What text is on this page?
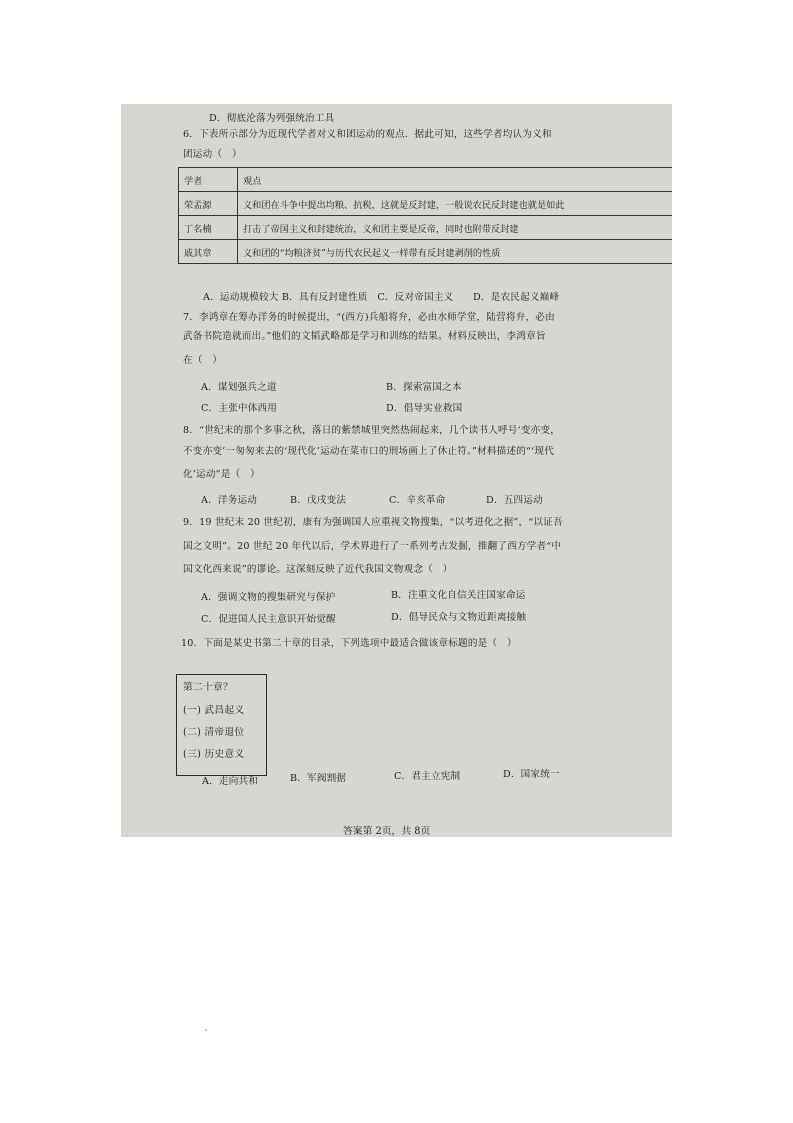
D．彻底沦落为列强统治工具
6．下表所示部分为近现代学者对义和团运动的观点．据此可知，这些学者均认为义和
团运动（　）
学者	观点
荣孟源	义和团在斗争中提出均粮、抗税，这就是反封建，一般说农民反封建也就是如此
丁名楠	打击了帝国主义和封建统治，义和团主要是反帝，同时也附带反封建
戚其章	义和团的“均粮济贫”与历代农民起义一样带有反封建剥削的性质
A．运动规模较大 B．具有反封建性质　C．反对帝国主义　　D．是农民起义巅峰
7．李鸿章在筹办洋务的时候提出，“(西方)兵船将弁，必由水师学堂，陆营将弁，必由
武备书院造就而出。”他们的文韬武略都是学习和训练的结果。材料反映出，李鸿章旨
在（　）
A．谋划强兵之道	B．探索富国之本
C．主张中体西用	D．倡导实业救国
8．“世纪末的那个多事之秋，落日的紫禁城里突然热闹起来，几个读书人呼号‘变亦变，
不变亦变’一匆匆来去的‘现代化’运动在菜市口的刑场画上了休止符。”材料描述的“‘现代
化’运动”是（　）
A．洋务运动	B．戊戌变法	C．辛亥革命	D．五四运动
9．19 世纪末 20 世纪初，康有为强调国人应重视文物搜集，“以考进化之据”，“以证吾
国之文明”。20 世纪 20 年代以后，学术界进行了一系列考古发掘，推翻了西方学者“中
国文化西来说”的谬论。这深刻反映了近代我国文物观念（　）
A．强调文物的搜集研究与保护	B．注重文化自信关注国家命运
C．促进国人民主意识开始觉醒	D．倡导民众与文物近距离接触
10．下面是某史书第二十章的目录，下列选项中最适合做该章标题的是（　）
第二十章？
(一) 武昌起义
(二) 清帝退位
(三) 历史意义
A．走向共和	B．军阀割据	C．君主立宪制	D．国家统一
答案第 2页，共 8页
